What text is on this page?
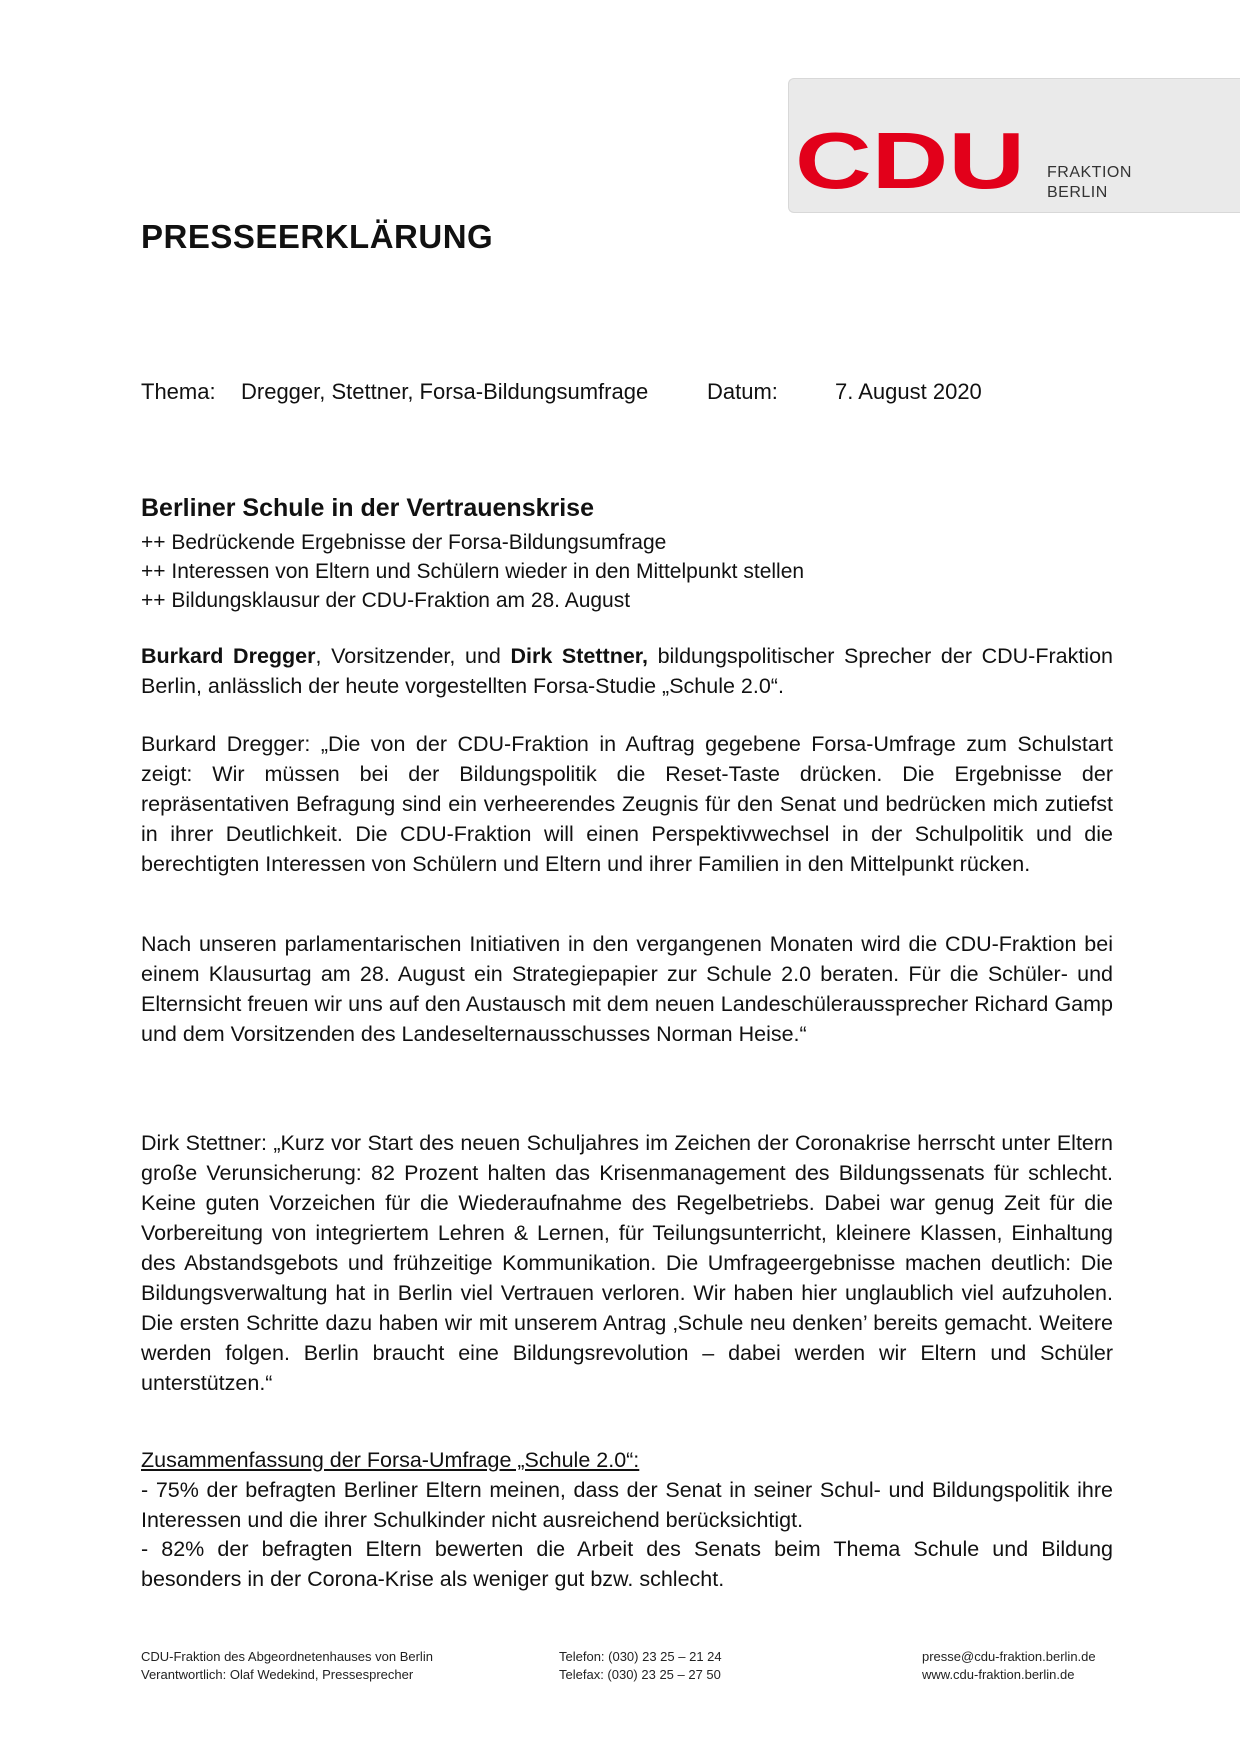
CDU FRAKTION
BERLIN
PRESSEERKLÄRUNG
Thema: Dregger, Stettner, Forsa-Bildungsumfrage	Datum:	7. August 2020
Berliner Schule in der Vertrauenskrise
++ Bedrückende Ergebnisse der Forsa-Bildungsumfrage
++ Interessen von Eltern und Schülern wieder in den Mittelpunkt stellen
++ Bildungsklausur der CDU-Fraktion am 28. August

Burkard Dregger, Vorsitzender, und Dirk Stettner, bildungspolitischer Sprecher der CDU-Fraktion Berlin, anlässlich der heute vorgestellten Forsa-Studie „Schule 2.0“.

Burkard Dregger: „Die von der CDU-Fraktion in Auftrag gegebene Forsa-Umfrage zum Schulstart zeigt: Wir müssen bei der Bildungspolitik die Reset-Taste drücken. Die Ergebnisse der repräsentativen Befragung sind ein verheerendes Zeugnis für den Senat und bedrücken mich zutiefst in ihrer Deutlichkeit. Die CDU-Fraktion will einen Perspektivwechsel in der Schulpolitik und die berechtigten Interessen von Schülern und Eltern und ihrer Familien in den Mittelpunkt rücken.

Nach unseren parlamentarischen Initiativen in den vergangenen Monaten wird die CDU-Fraktion bei einem Klausurtag am 28. August ein Strategiepapier zur Schule 2.0 beraten. Für die Schüler- und Elternsicht freuen wir uns auf den Austausch mit dem neuen Landeschüleraussprecher Richard Gamp und dem Vorsitzenden des Landeselternausschusses Norman Heise.“

Dirk Stettner: „Kurz vor Start des neuen Schuljahres im Zeichen der Coronakrise herrscht unter Eltern große Verunsicherung: 82 Prozent halten das Krisenmanagement des Bildungssenats für schlecht. Keine guten Vorzeichen für die Wiederaufnahme des Regelbetriebs. Dabei war genug Zeit für die Vorbereitung von integriertem Lehren & Lernen, für Teilungsunterricht, kleinere Klassen, Einhaltung des Abstandsgebots und frühzeitige Kommunikation. Die Umfrageergebnisse machen deutlich: Die Bildungsverwaltung hat in Berlin viel Vertrauen verloren. Wir haben hier unglaublich viel aufzuholen. Die ersten Schritte dazu haben wir mit unserem Antrag ‚Schule neu denken’ bereits gemacht. Weitere werden folgen. Berlin braucht eine Bildungsrevolution – dabei werden wir Eltern und Schüler unterstützen.“

Zusammenfassung der Forsa-Umfrage „Schule 2.0“:

- 75% der befragten Berliner Eltern meinen, dass der Senat in seiner Schul- und Bildungspolitik ihre Interessen und die ihrer Schulkinder nicht ausreichend berücksichtigt.
- 82% der befragten Eltern bewerten die Arbeit des Senats beim Thema Schule und Bildung besonders in der Corona-Krise als weniger gut bzw. schlecht.
CDU-Fraktion des Abgeordnetenhauses von Berlin
Verantwortlich: Olaf Wedekind, Pressesprecher
Telefon: (030) 23 25 – 21 24
Telefax: (030) 23 25 – 27 50
presse@cdu-fraktion.berlin.de
www.cdu-fraktion.berlin.de
